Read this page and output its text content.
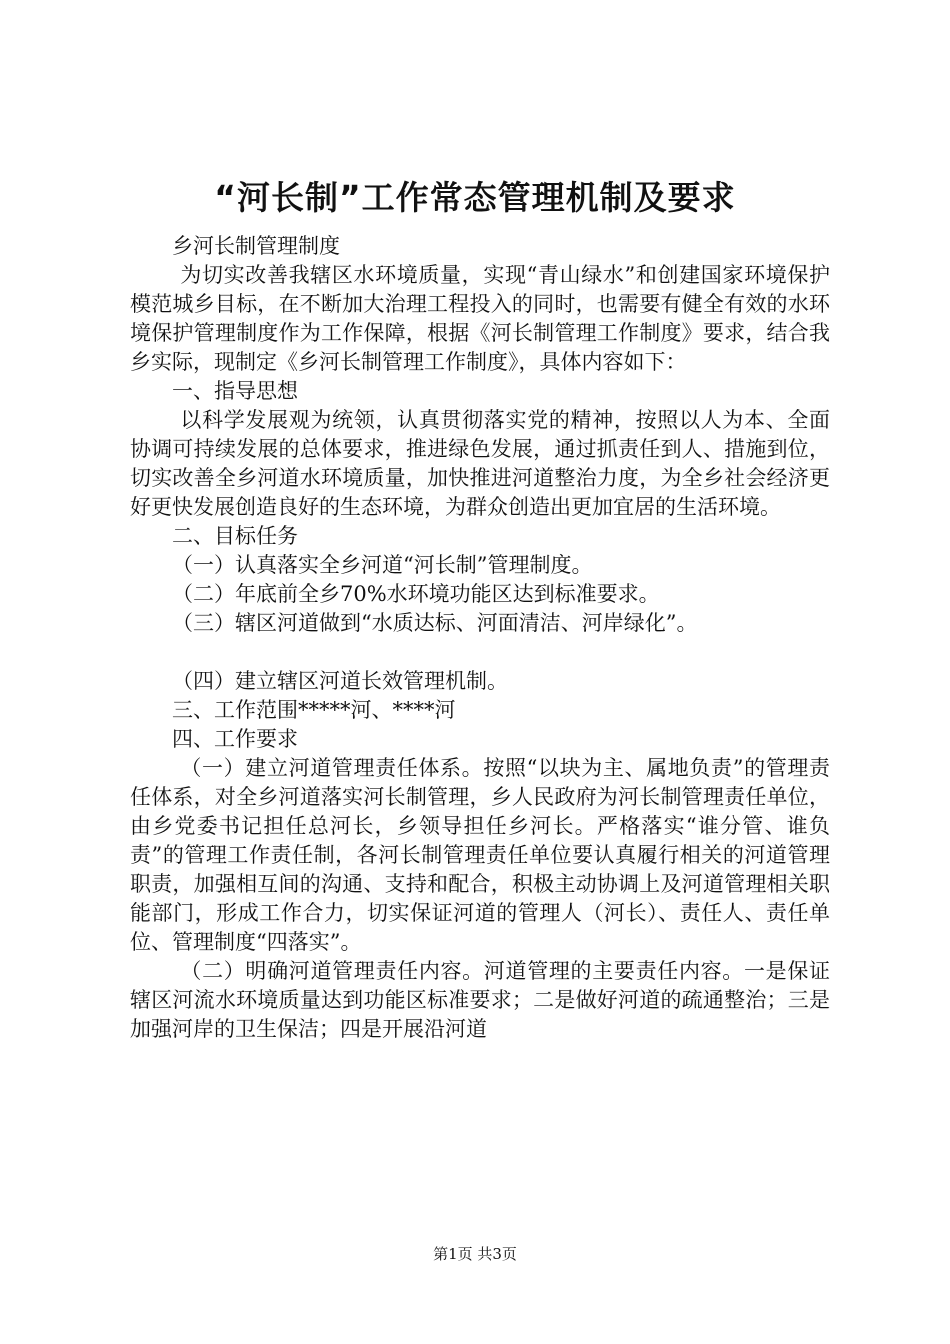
“河长制”工作常态管理机制及要求

乡河长制管理制度

为切实改善我辖区水环境质量，实现“青山绿水”和创建国家环境保护模范城乡目标，在不断加大治理工程投入的同时，也需要有健全有效的水环境保护管理制度作为工作保障，根据《河长制管理工作制度》要求，结合我乡实际，现制定《乡河长制管理工作制度》，具体内容如下：

一、指导思想

以科学发展观为统领，认真贯彻落实党的精神，按照以人为本、全面协调可持续发展的总体要求，推进绿色发展，通过抓责任到人、措施到位，切实改善全乡河道水环境质量，加快推进河道整治力度，为全乡社会经济更好更快发展创造良好的生态环境，为群众创造出更加宜居的生活环境。

二、目标任务

（一）认真落实全乡河道“河长制”管理制度。

（二）年底前全乡70%水环境功能区达到标准要求。

（三）辖区河道做到“水质达标、河面清洁、河岸绿化”。

（四）建立辖区河道长效管理机制。

三、工作范围*****河、****河

四、工作要求

（一）建立河道管理责任体系。按照“以块为主、属地负责”的管理责任体系，对全乡河道落实河长制管理，乡人民政府为河长制管理责任单位，由乡党委书记担任总河长，乡领导担任乡河长。严格落实“谁分管、谁负责”的管理工作责任制，各河长制管理责任单位要认真履行相关的河道管理职责，加强相互间的沟通、支持和配合，积极主动协调上及河道管理相关职能部门，形成工作合力，切实保证河道的管理人（河长）、责任人、责任单位、管理制度“四落实”。

（二）明确河道管理责任内容。河道管理的主要责任内容。一是保证辖区河流水环境质量达到功能区标准要求；二是做好河道的疏通整治；三是加强河岸的卫生保洁；四是开展沿河道

第1页 共3页
